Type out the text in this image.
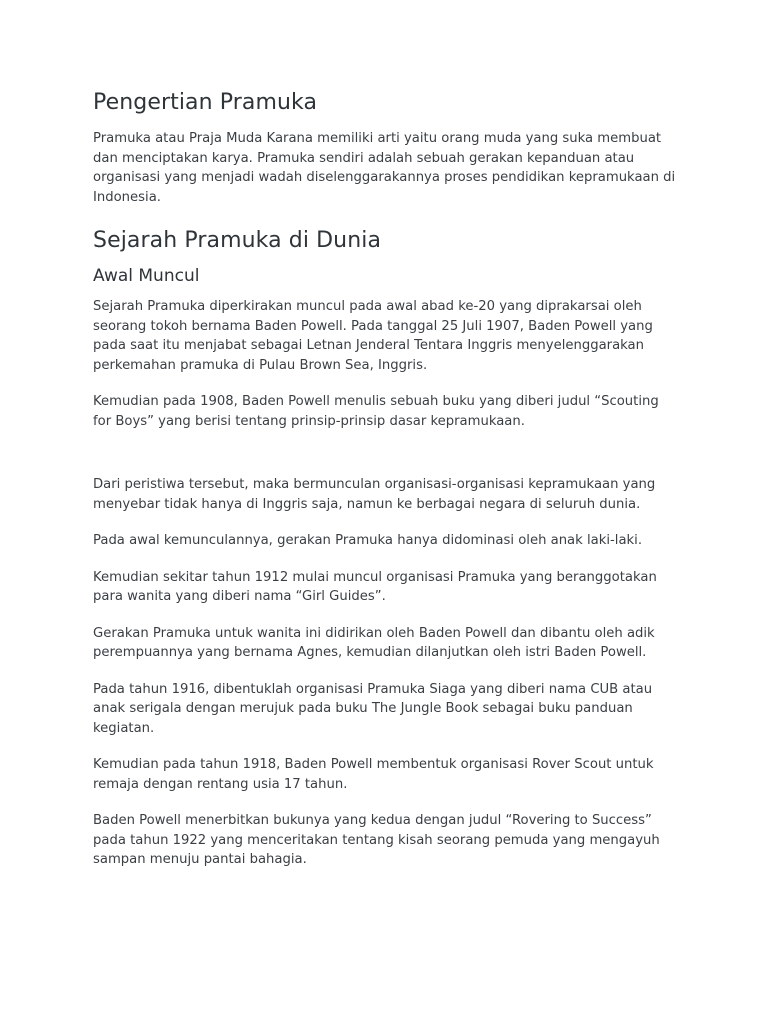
Pengertian Pramuka

Pramuka atau Praja Muda Karana memiliki arti yaitu orang muda yang suka membuat dan menciptakan karya. Pramuka sendiri adalah sebuah gerakan kepanduan atau organisasi yang menjadi wadah diselenggarakannya proses pendidikan kepramukaan di Indonesia.

Sejarah Pramuka di Dunia
Awal Muncul

Sejarah Pramuka diperkirakan muncul pada awal abad ke-20 yang diprakarsai oleh seorang tokoh bernama Baden Powell. Pada tanggal 25 Juli 1907, Baden Powell yang pada saat itu menjabat sebagai Letnan Jenderal Tentara Inggris menyelenggarakan perkemahan pramuka di Pulau Brown Sea, Inggris.

Kemudian pada 1908, Baden Powell menulis sebuah buku yang diberi judul “Scouting for Boys” yang berisi tentang prinsip-prinsip dasar kepramukaan.

Dari peristiwa tersebut, maka bermunculan organisasi-organisasi kepramukaan yang menyebar tidak hanya di Inggris saja, namun ke berbagai negara di seluruh dunia.

Pada awal kemunculannya, gerakan Pramuka hanya didominasi oleh anak laki-laki.

Kemudian sekitar tahun 1912 mulai muncul organisasi Pramuka yang beranggotakan para wanita yang diberi nama “Girl Guides”.

Gerakan Pramuka untuk wanita ini didirikan oleh Baden Powell dan dibantu oleh adik perempuannya yang bernama Agnes, kemudian dilanjutkan oleh istri Baden Powell.

Pada tahun 1916, dibentuklah organisasi Pramuka Siaga yang diberi nama CUB atau anak serigala dengan merujuk pada buku The Jungle Book sebagai buku panduan kegiatan.

Kemudian pada tahun 1918, Baden Powell membentuk organisasi Rover Scout untuk remaja dengan rentang usia 17 tahun.

Baden Powell menerbitkan bukunya yang kedua dengan judul “Rovering to Success” pada tahun 1922 yang menceritakan tentang kisah seorang pemuda yang mengayuh sampan menuju pantai bahagia.
